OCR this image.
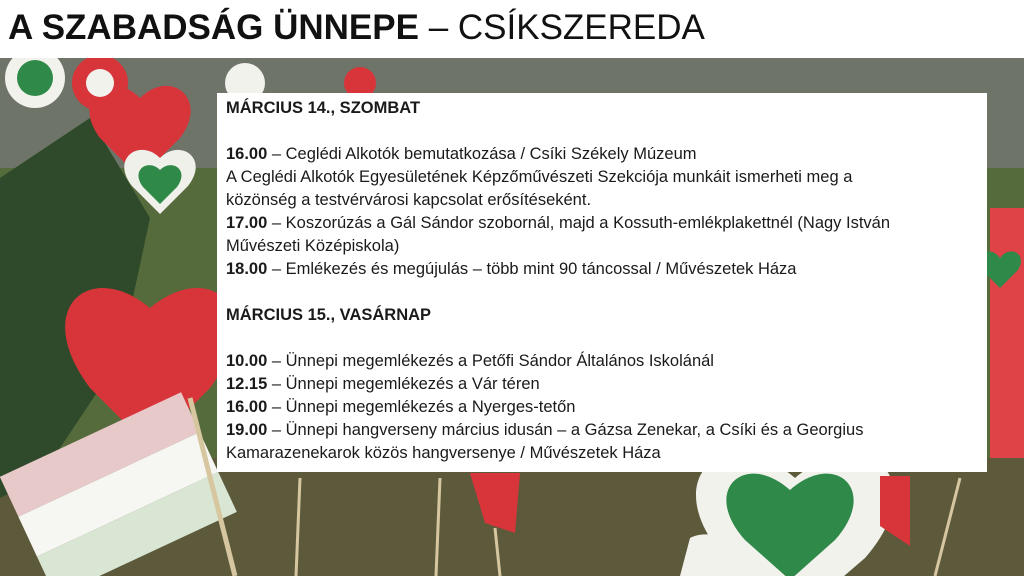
A SZABADSÁG ÜNNEPE – CSÍKSZEREDA
MÁRCIUS 14., SZOMBAT
16.00 – Ceglédi Alkotók bemutatkozása / Csíki Székely Múzeum
A Ceglédi Alkotók Egyesületének Képzőművészeti Szekciója munkáit ismerheti meg a
közönség a testvérvárosi kapcsolat erősítéseként.
17.00 – Koszorúzás a Gál Sándor szobornál, majd a Kossuth-emlékplakettnél (Nagy István
Művészeti Középiskola)
18.00 – Emlékezés és megújulás – több mint 90 táncossal / Művészetek Háza
MÁRCIUS 15., VASÁRNAP
10.00 – Ünnepi megemlékezés a Petőfi Sándor Általános Iskolánál
12.15 – Ünnepi megemlékezés a Vár téren
16.00 – Ünnepi megemlékezés a Nyerges-tetőn
19.00 – Ünnepi hangverseny március idusán – a Gázsa Zenekar, a Csíki és a Georgius
Kamarazenekarok közös hangversenye / Művészetek Háza
